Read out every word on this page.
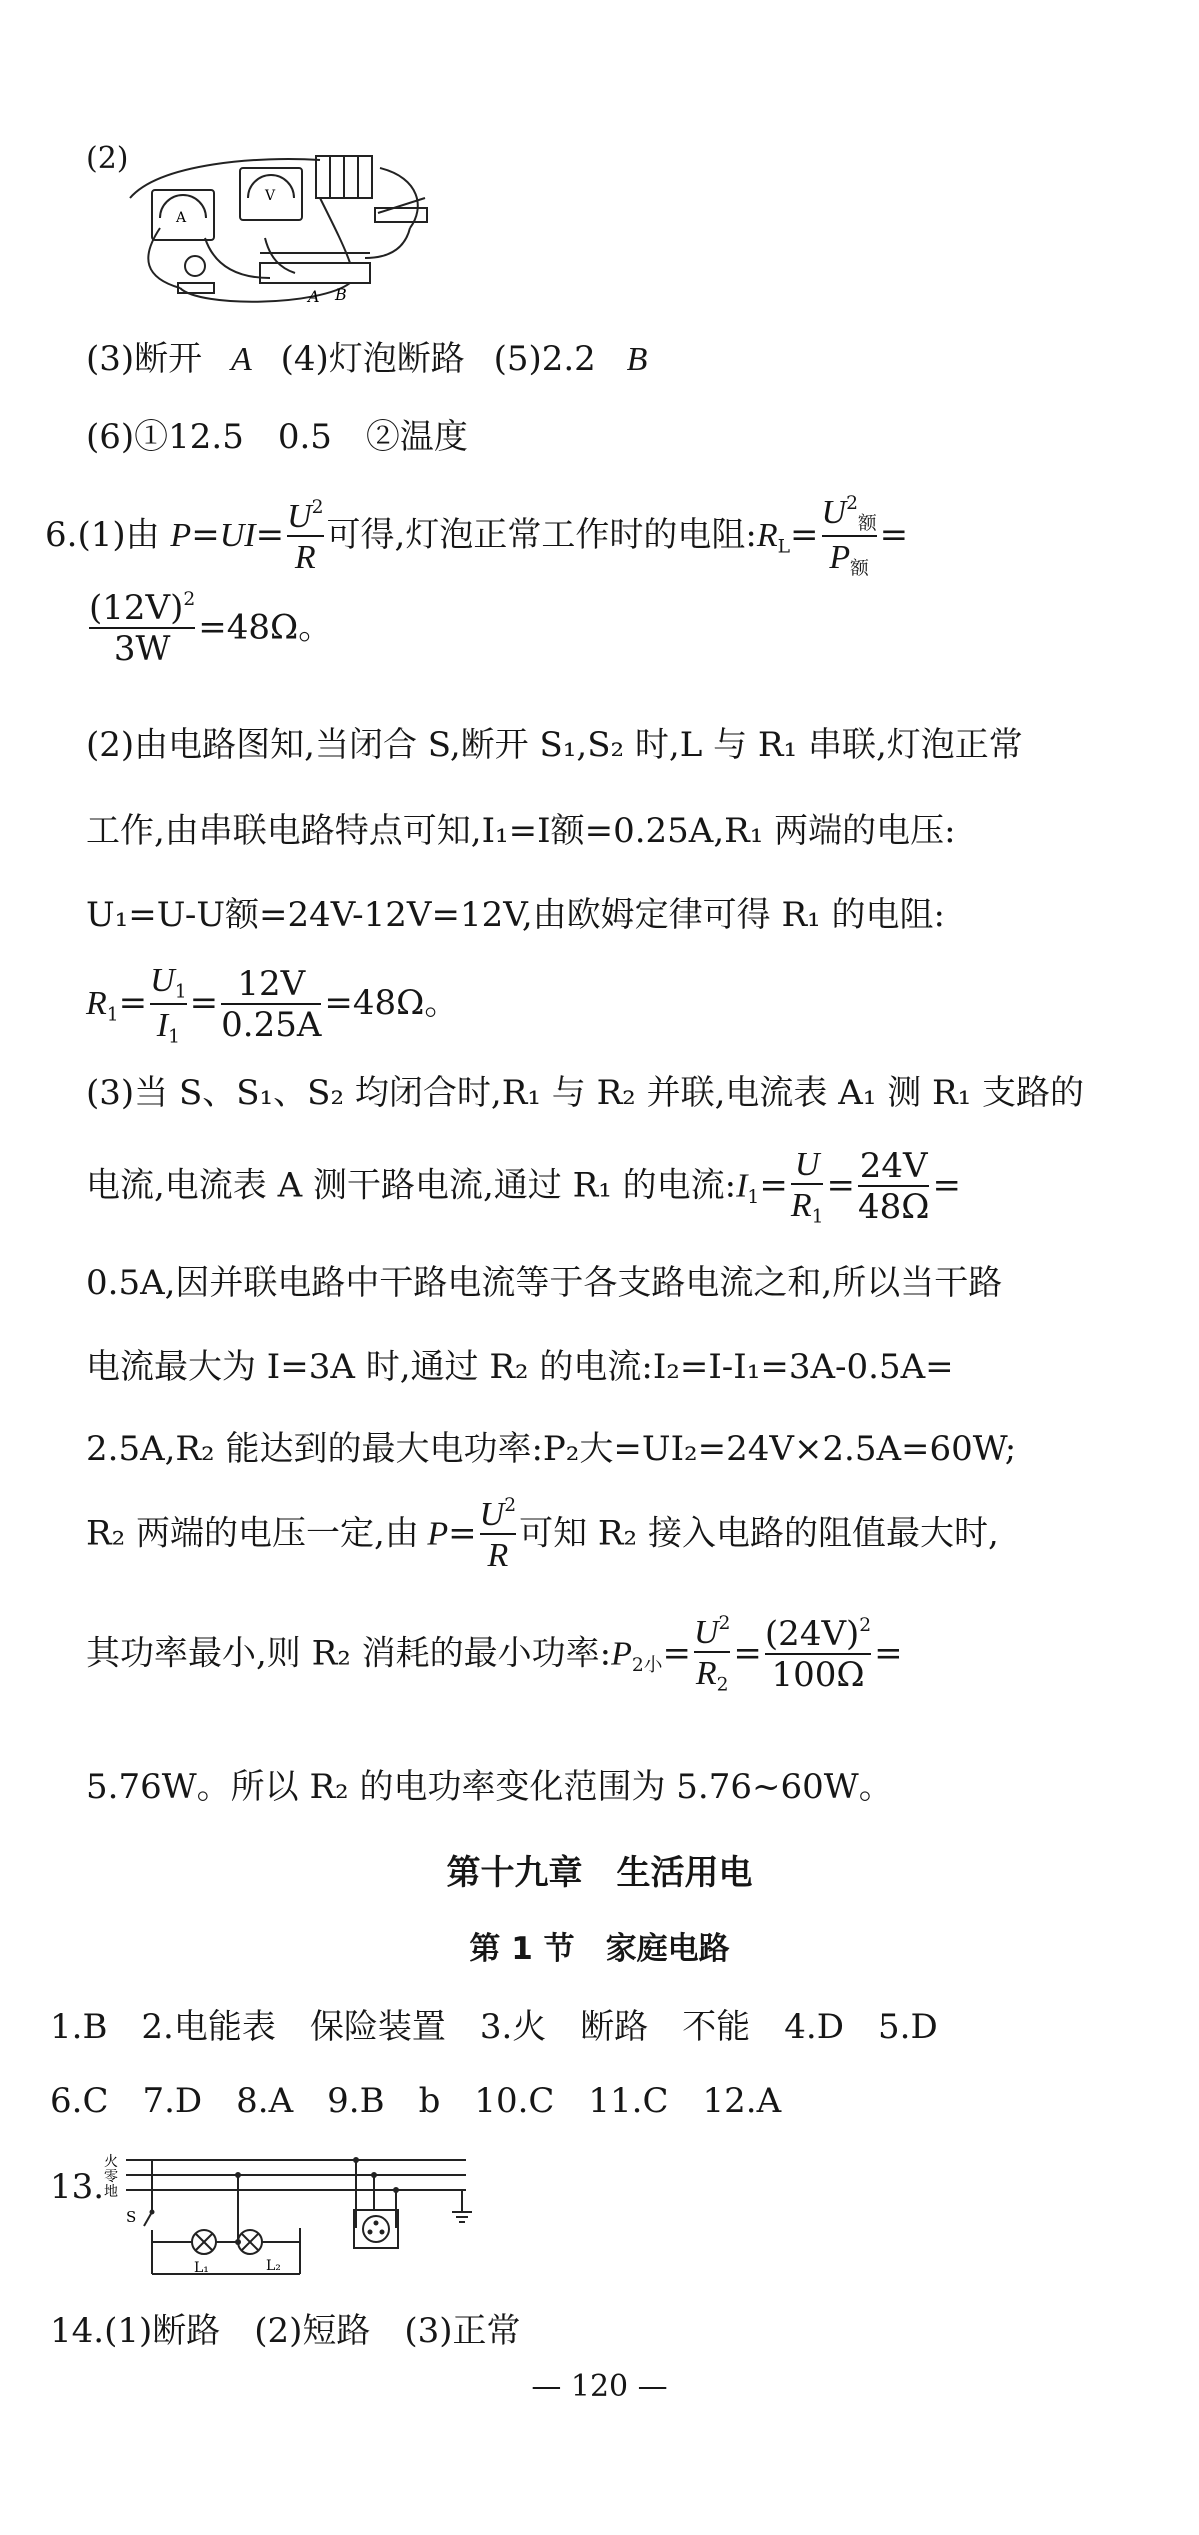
(2)
A
V
A B
(3)断开 A (4)灯泡断路 (5)2.2 B
(6)①12.5　0.5　②温度
6.(1)由 $P=UI= \frac{U^2}{R}$ 可得,灯泡正常工作时的电阻$:R_L= \frac{U^2_额}{P_额}$ =
$\frac{(12V)^2}{3W} =48\Omega$。
(2)由电路图知,当闭合 S,断开 S₁,S₂ 时,L 与 R₁ 串联,灯泡正常
工作,由串联电路特点可知,I₁=I额=0.25A,R₁ 两端的电压:
U₁=U-U额=24V-12V=12V,由欧姆定律可得 R₁ 的电阻:
$R_1= \frac{U_1}{I_1} = \frac{12V}{0.25A} =48\Omega$。
(3)当 S、S₁、S₂ 均闭合时,R₁ 与 R₂ 并联,电流表 A₁ 测 R₁ 支路的
电流,电流表 A 测干路电流,通过 R₁ 的电流$:I_1= \frac{U}{R_1} = \frac{24V}{48\Omega}$ =
0.5A,因并联电路中干路电流等于各支路电流之和,所以当干路
电流最大为 I=3A 时,通过 R₂ 的电流:I₂=I-I₁=3A-0.5A=
2.5A,R₂ 能达到的最大电功率:P₂大=UI₂=24V×2.5A=60W;
R₂ 两端的电压一定,由 $P= \frac{U^2}{R}$ 可知 R₂ 接入电路的阻值最大时,
其功率最小,则 R₂ 消耗的最小功率$:P_{2小}= \frac{U^2}{R_2} = \frac{(24V)^2}{100\Omega}$ =
5.76W。所以 R₂ 的电功率变化范围为 5.76~60W。
第十九章　生活用电
第 1 节　家庭电路
1.B　2.电能表　保险装置　3.火　断路　不能　4.D　5.D
6.C　7.D　8.A　9.B　b　10.C　11.C　12.A
13.
火
零
地
S
L₁	L₂
14.(1)断路　(2)短路　(3)正常
— 120 —
